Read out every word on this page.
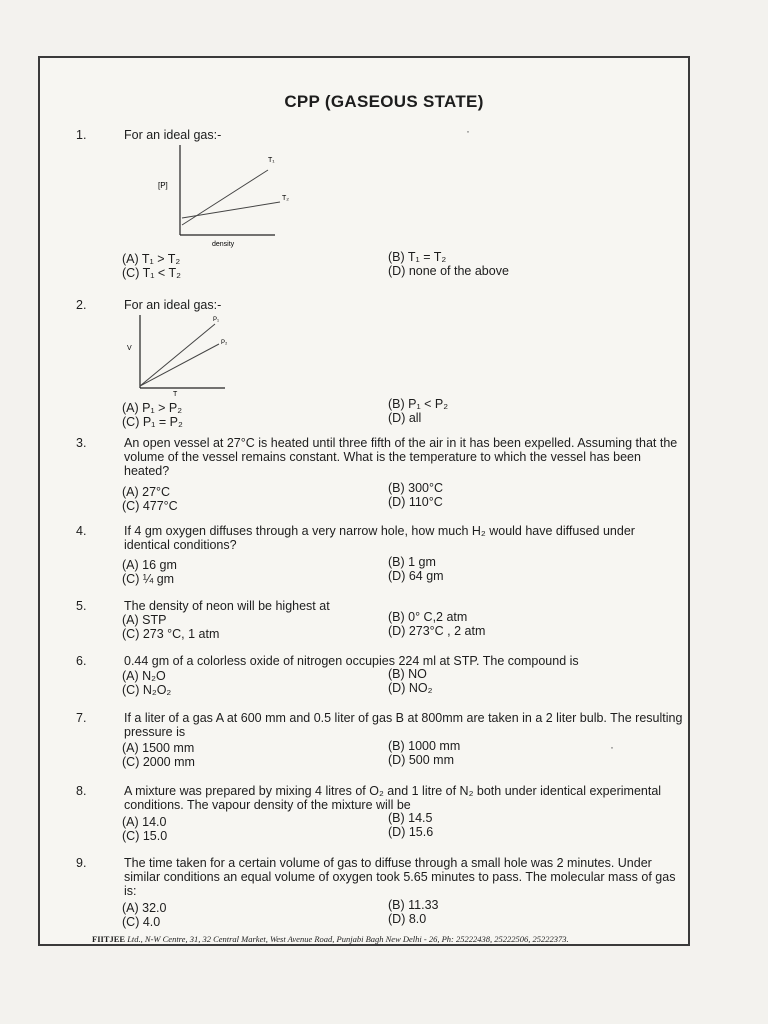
CPP (GASEOUS STATE)
1.	For an ideal gas:-
[P]
density
T₁
T₂
(A) T₁ > T₂	(B) T₁ = T₂
(C) T₁ < T₂	(D) none of the above
2.	For an ideal gas:-
V
T
P₁
P₂
(A) P₁ > P₂	(B) P₁ < P₂
(C) P₁ = P₂	(D) all
3.	An open vessel at 27°C is heated until three fifth of the air in it has been expelled. Assuming that the volume of the vessel remains constant. What is the temperature to which the vessel has been heated?
(A) 27°C	(B) 300°C
(C) 477°C	(D) 110°C
4.	If 4 gm oxygen diffuses through a very narrow hole, how much H₂ would have diffused under identical conditions?
(A) 16 gm	(B) 1 gm
(C) ¼ gm	(D) 64 gm
5.	The density of neon will be highest at
(A) STP	(B) 0° C,2 atm
(C) 273 °C, 1 atm	(D) 273°C , 2 atm
6.	0.44 gm of a colorless oxide of nitrogen occupies 224 ml at STP. The compound is
(A) N₂O	(B) NO
(C) N₂O₂	(D) NO₂
7.	If a liter of a gas A at 600 mm and 0.5 liter of gas B at 800mm are taken in a 2 liter bulb. The resulting pressure is
(A) 1500 mm	(B) 1000 mm
(C) 2000 mm	(D) 500 mm
8.	A mixture was prepared by mixing 4 litres of O₂ and 1 litre of N₂ both under identical experimental conditions. The vapour density of the mixture will be
(A) 14.0	(B) 14.5
(C) 15.0	(D) 15.6
9.	The time taken for a certain volume of gas to diffuse through a small hole was 2 minutes. Under similar conditions an equal volume of oxygen took 5.65 minutes to pass. The molecular mass of gas is:
(A) 32.0	(B) 11.33
(C) 4.0	(D) 8.0
FIITJEE Ltd., N-W Centre, 31, 32 Central Market, West Avenue Road, Punjabi Bagh New Delhi - 26, Ph: 25222438, 25222506, 25222373.
·
·
